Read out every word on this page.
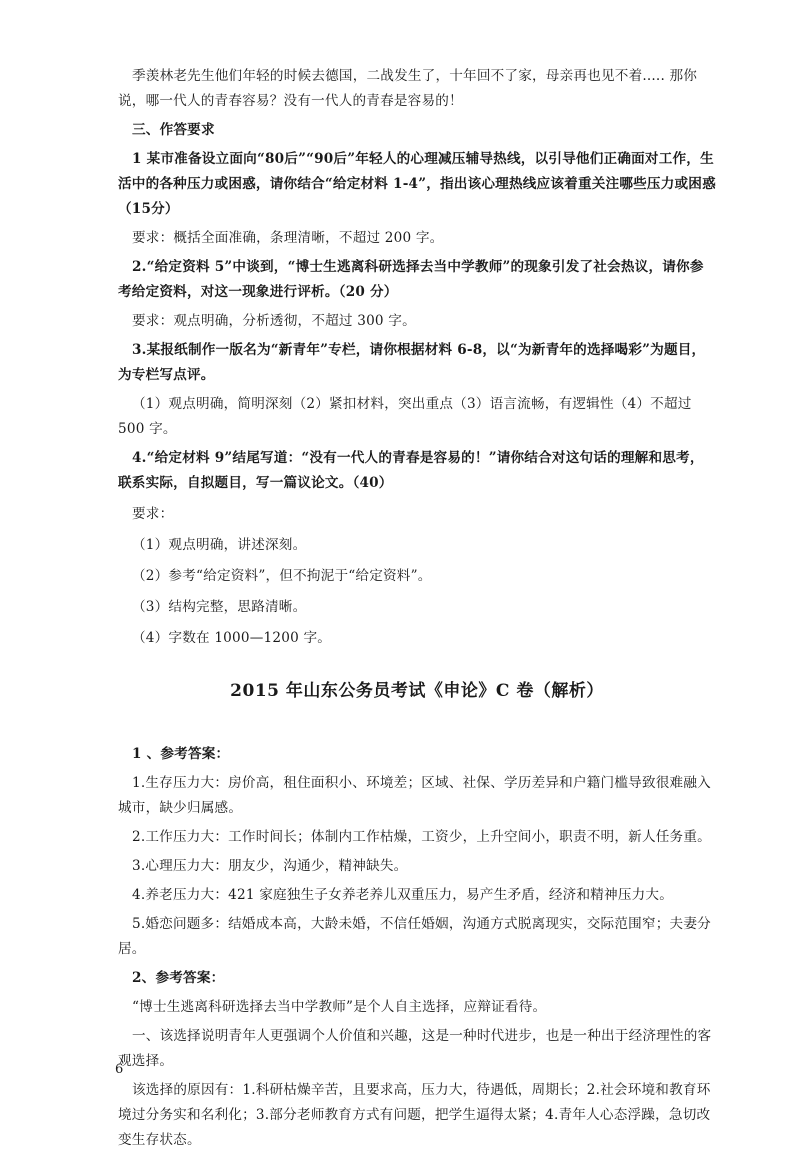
季羡林老先生他们年轻的时候去德国，二战发生了，十年回不了家，母亲再也见不着..... 那你说，哪一代人的青春容易？没有一代人的青春是容易的！

三、作答要求

1 某市准备设立面向“80后”“90后”年轻人的心理减压辅导热线，以引导他们正确面对工作，生活中的各种压力或困惑，请你结合“给定材料 1-4”，指出该心理热线应该着重关注哪些压力或困惑（15分）

要求：概括全面准确，条理清晰，不超过 200 字。

2.“给定资料 5”中谈到，“博士生逃离科研选择去当中学教师”的现象引发了社会热议，请你参考给定资料，对这一现象进行评析。（20 分）

要求：观点明确，分析透彻，不超过 300 字。

3.某报纸制作一版名为“新青年”专栏，请你根据材料 6-8，以“为新青年的选择喝彩”为题目，为专栏写点评。

（1）观点明确，简明深刻（2）紧扣材料，突出重点（3）语言流畅，有逻辑性（4）不超过 500 字。

4.“给定材料 9”结尾写道：“没有一代人的青春是容易的！”请你结合对这句话的理解和思考，联系实际，自拟题目，写一篇议论文。（40）

要求：

（1）观点明确，讲述深刻。

（2）参考“给定资料”，但不拘泥于“给定资料”。

（3）结构完整，思路清晰。

（4）字数在 1000—1200 字。

2015 年山东公务员考试《申论》C 卷（解析）

1 、参考答案：

1.生存压力大：房价高，租住面积小、环境差；区域、社保、学历差异和户籍门槛导致很难融入城市，缺少归属感。

2.工作压力大：工作时间长；体制内工作枯燥，工资少，上升空间小，职责不明，新人任务重。

3.心理压力大：朋友少，沟通少，精神缺失。

4.养老压力大：421 家庭独生子女养老养儿双重压力，易产生矛盾，经济和精神压力大。

5.婚恋问题多：结婚成本高，大龄未婚，不信任婚姻，沟通方式脱离现实，交际范围窄；夫妻分居。

2、参考答案：

“博士生逃离科研选择去当中学教师”是个人自主选择，应辩证看待。

一、该选择说明青年人更强调个人价值和兴趣，这是一种时代进步，也是一种出于经济理性的客观选择。

该选择的原因有：1.科研枯燥辛苦，且要求高，压力大，待遇低，周期长；2.社会环境和教育环境过分务实和名利化；3.部分老师教育方式有问题，把学生逼得太紧；4.青年人心态浮躁，急切改变生存状态。

6
